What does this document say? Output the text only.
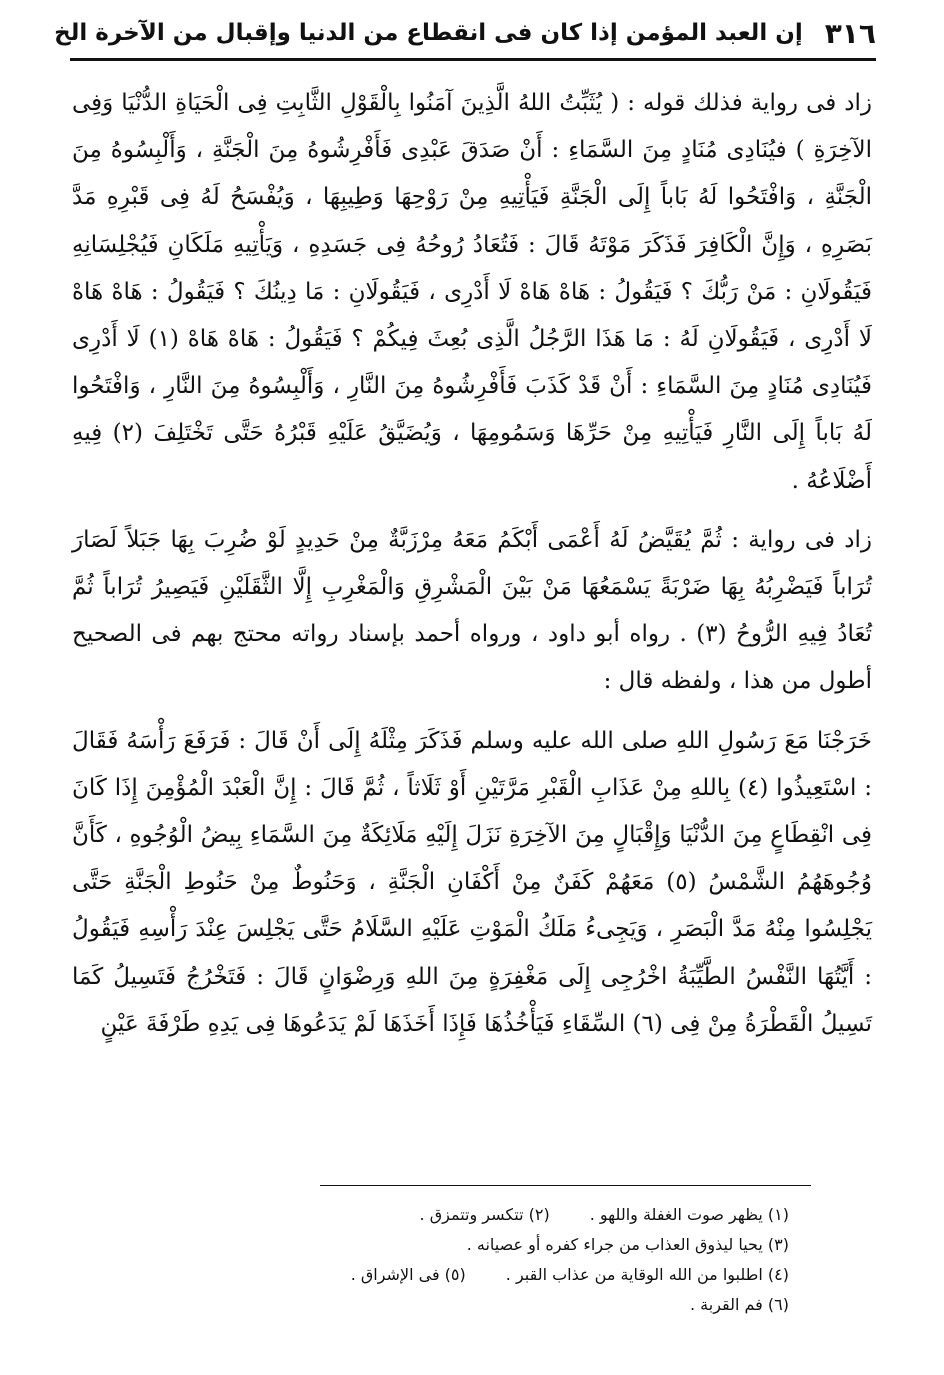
٣١٦
إن العبد المؤمن إذا كان فى انقطاع من الدنيا وإقبال من الآخرة الخ

زاد فى رواية فذلك قوله : ( يُثَبِّتُ اللهُ الَّذِينَ آمَنُوا بِالْقَوْلِ الثَّابِتِ فِى الْحَيَاةِ الدُّنْيَا وَفِى الآخِرَةِ ) فيُنَادِى مُنَادٍ مِنَ السَّمَاءِ : أَنْ صَدَقَ عَبْدِى فَأَفْرِشُوهُ مِنَ الْجَنَّةِ ، وَأَلْبِسُوهُ مِنَ الْجَنَّةِ ، وَافْتَحُوا لَهُ بَاباً إِلَى الْجَنَّةِ فَيَأْتِيهِ مِنْ رَوْحِهَا وَطِيبِهَا ، وَيُفْسَحُ لَهُ فِى قَبْرِهِ مَدَّ بَصَرِهِ ، وَإِنَّ الْكَافِرَ فَذَكَرَ مَوْتَهُ قَالَ : فَتُعَادُ رُوحُهُ فِى جَسَدِهِ ، وَيَأْتِيهِ مَلَكَانِ فَيُجْلِسَانِهِ فَيَقُولَانِ : مَنْ رَبُّكَ ؟ فَيَقُولُ : هَاهْ هَاهْ لَا أَدْرِى ، فَيَقُولَانِ : مَا دِينُكَ ؟ فَيَقُولُ : هَاهْ هَاهْ لَا أَدْرِى ، فَيَقُولَانِ لَهُ : مَا هَذَا الرَّجُلُ الَّذِى بُعِثَ فِيكُمْ ؟ فَيَقُولُ : هَاهْ هَاهْ (١) لَا أَدْرِى فَيُنَادِى مُنَادٍ مِنَ السَّمَاءِ : أَنْ قَدْ كَذَبَ فَأَفْرِشُوهُ مِنَ النَّارِ ، وَأَلْبِسُوهُ مِنَ النَّارِ ، وَافْتَحُوا لَهُ بَاباً إِلَى النَّارِ فَيَأْتِيهِ مِنْ حَرِّهَا وَسَمُومِهَا ، وَيُضَيَّقُ عَلَيْهِ قَبْرُهُ حَتَّى تَخْتَلِفَ (٢) فِيهِ أَضْلَاعُهُ .

زاد فى رواية : ثُمَّ يُقَيَّضُ لَهُ أَعْمَى أَبْكَمُ مَعَهُ مِرْزَبَّةٌ مِنْ حَدِيدٍ لَوْ ضُرِبَ بِهَا جَبَلاً لَصَارَ تُرَاباً فَيَضْرِبُهُ بِهَا ضَرْبَةً يَسْمَعُهَا مَنْ بَيْنَ الْمَشْرِقِ وَالْمَغْرِبِ إِلَّا الثَّقَلَيْنِ فَيَصِيرُ تُرَاباً ثُمَّ تُعَادُ فِيهِ الرُّوحُ (٣) . رواه أبو داود ، ورواه أحمد بإسناد رواته محتج بهم فى الصحيح أطول من هذا ، ولفظه قال :

خَرَجْنَا مَعَ رَسُولِ اللهِ صلى الله عليه وسلم فَذَكَرَ مِثْلَهُ إِلَى أَنْ قَالَ : فَرَفَعَ رَأْسَهُ فَقَالَ : اسْتَعِيذُوا (٤) بِاللهِ مِنْ عَذَابِ الْقَبْرِ مَرَّتَيْنِ أَوْ ثَلَاثاً ، ثُمَّ قَالَ : إِنَّ الْعَبْدَ الْمُؤْمِنَ إِذَا كَانَ فِى انْقِطَاعٍ مِنَ الدُّنْيَا وَإِقْبَالٍ مِنَ الآخِرَةِ نَزَلَ إِلَيْهِ مَلَائِكَةٌ مِنَ السَّمَاءِ بِيضُ الْوُجُوهِ ، كَأَنَّ وُجُوهَهُمُ الشَّمْسُ (٥) مَعَهُمْ كَفَنٌ مِنْ أَكْفَانِ الْجَنَّةِ ، وَحَنُوطٌ مِنْ حَنُوطِ الْجَنَّةِ حَتَّى يَجْلِسُوا مِنْهُ مَدَّ الْبَصَرِ ، وَيَجِىءُ مَلَكُ الْمَوْتِ عَلَيْهِ السَّلَامُ حَتَّى يَجْلِسَ عِنْدَ رَأْسِهِ فَيَقُولُ : أَيَّتُهَا النَّفْسُ الطَّيِّبَةُ اخْرُجِى إِلَى مَغْفِرَةٍ مِنَ اللهِ وَرِضْوَانٍ قَالَ : فَتَخْرُجُ فَتَسِيلُ كَمَا تَسِيلُ الْقَطْرَةُ مِنْ فِى (٦) السِّقَاءِ فَيَأْخُذُهَا فَإِذَا أَخَذَهَا لَمْ يَدَعُوهَا فِى يَدِهِ طَرْفَةَ عَيْنٍ

(١) يظهر صوت الغفلة واللهو .(٢) تتكسر وتتمزق .
(٣) يحيا ليذوق العذاب من جراء كفره أو عصيانه .
(٤) اطلبوا من الله الوقاية من عذاب القبر .(٥) فى الإشراق .
(٦) فم القربة .
